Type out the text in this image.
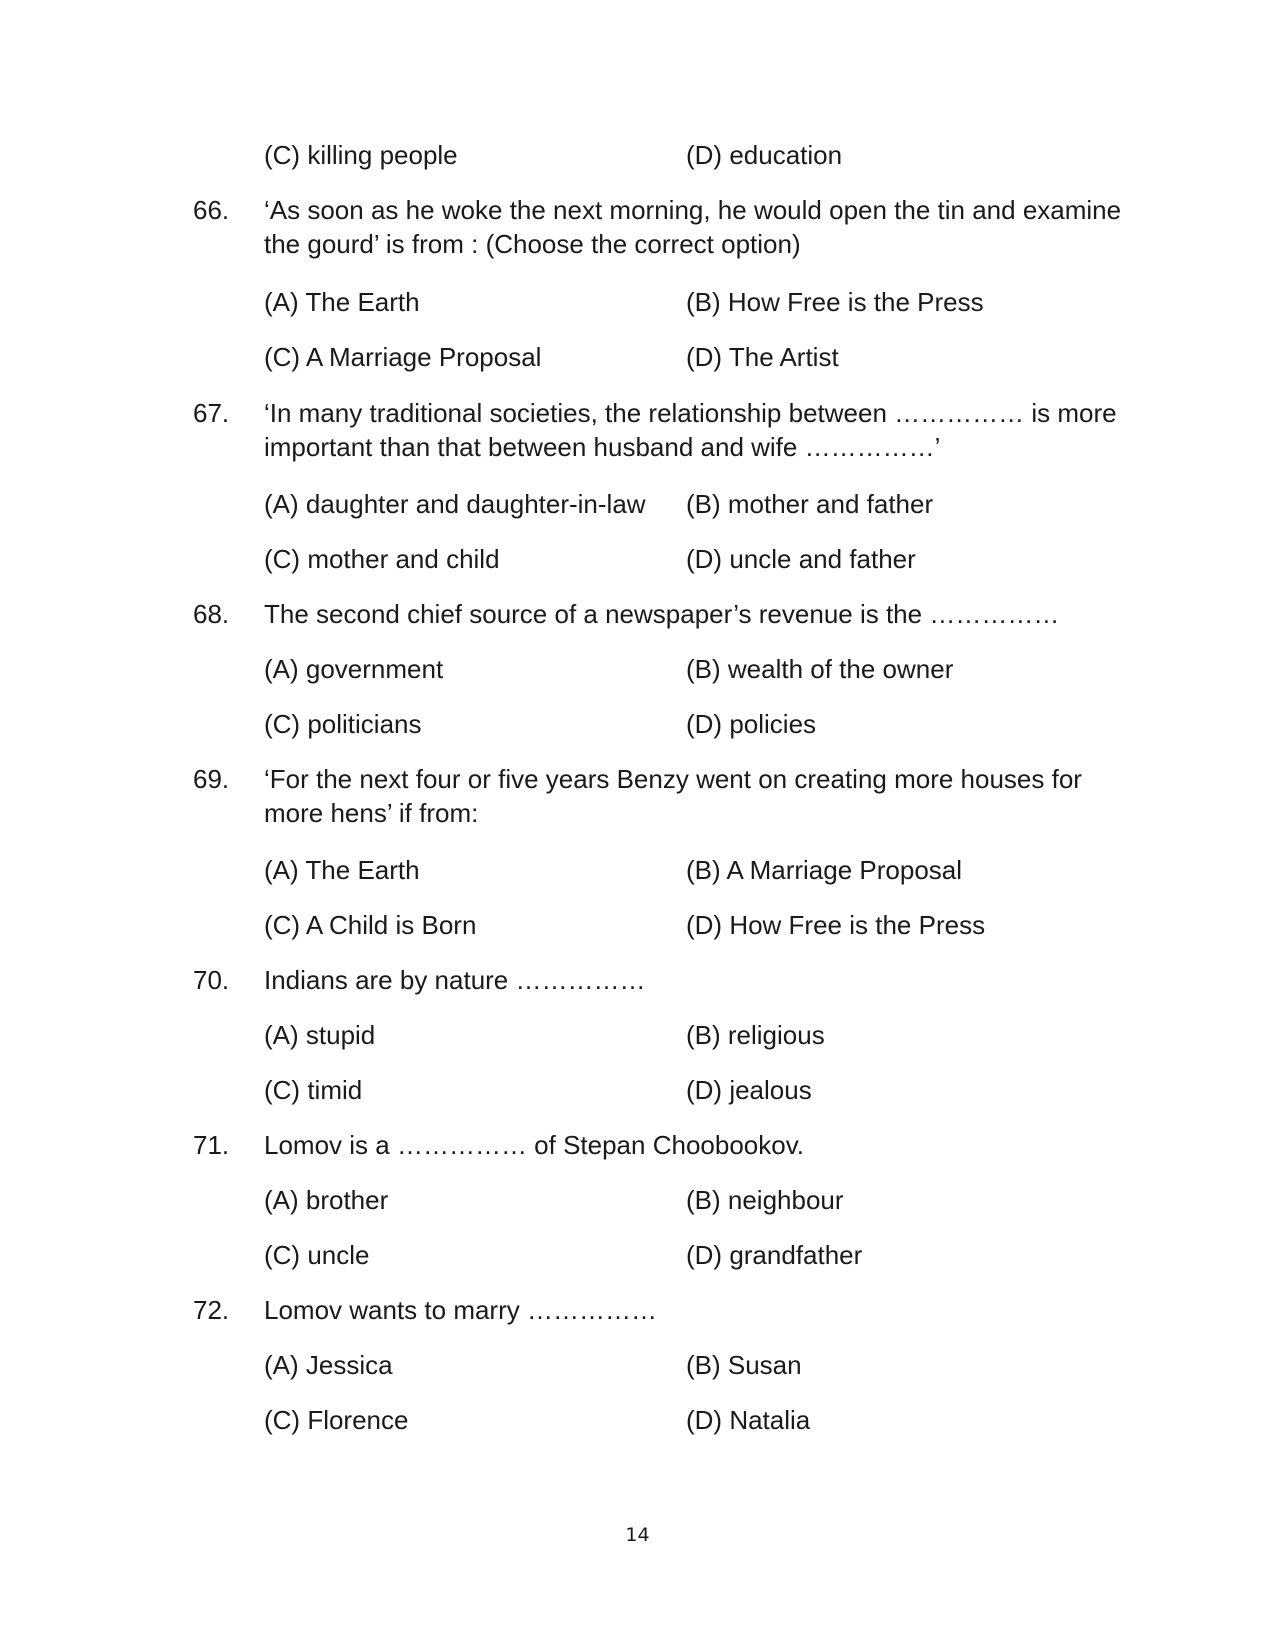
(C) killing people	(D) education
66. ‘As soon as he woke the next morning, he would open the tin and examine the gourd’ is from : (Choose the correct option)
(A) The Earth	(B) How Free is the Press
(C) A Marriage Proposal	(D) The Artist
67. ‘In many traditional societies, the relationship between …………… is more important than that between husband and wife ……………’
(A) daughter and daughter-in-law (B) mother and father
(C) mother and child	(D) uncle and father
68. The second chief source of a newspaper’s revenue is the ……………
(A) government	(B) wealth of the owner
(C) politicians	(D) policies
69. ‘For the next four or five years Benzy went on creating more houses for more hens’ if from:
(A) The Earth	(B) A Marriage Proposal
(C) A Child is Born	(D) How Free is the Press
70. Indians are by nature ……………
(A) stupid	(B) religious
(C) timid	(D) jealous
71. Lomov is a …………… of Stepan Choobookov.
(A) brother	(B) neighbour
(C) uncle	(D) grandfather
72. Lomov wants to marry ……………
(A) Jessica	(B) Susan
(C) Florence	(D) Natalia
14
